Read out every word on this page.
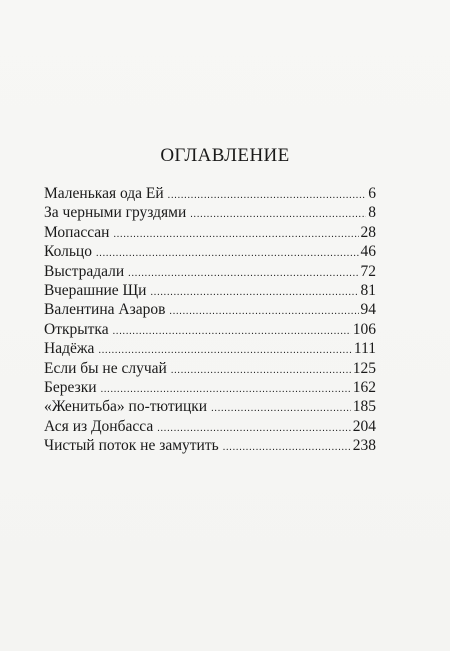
ОГЛАВЛЕНИЕ
Маленькая ода Ей .....	6
За черными груздями .....	8
Мопассан .....	28
Кольцо .....	46
Выстрадали .....	72
Вчерашние Щи .....	81
Валентина Азаров .....	94
Открытка .....	106
Надёжа .....	111
Если бы не случай .....	125
Березки .....	162
«Женитьба» по-тютицки .....	185
Ася из Донбасса .....	204
Чистый поток не замутить .....	238
